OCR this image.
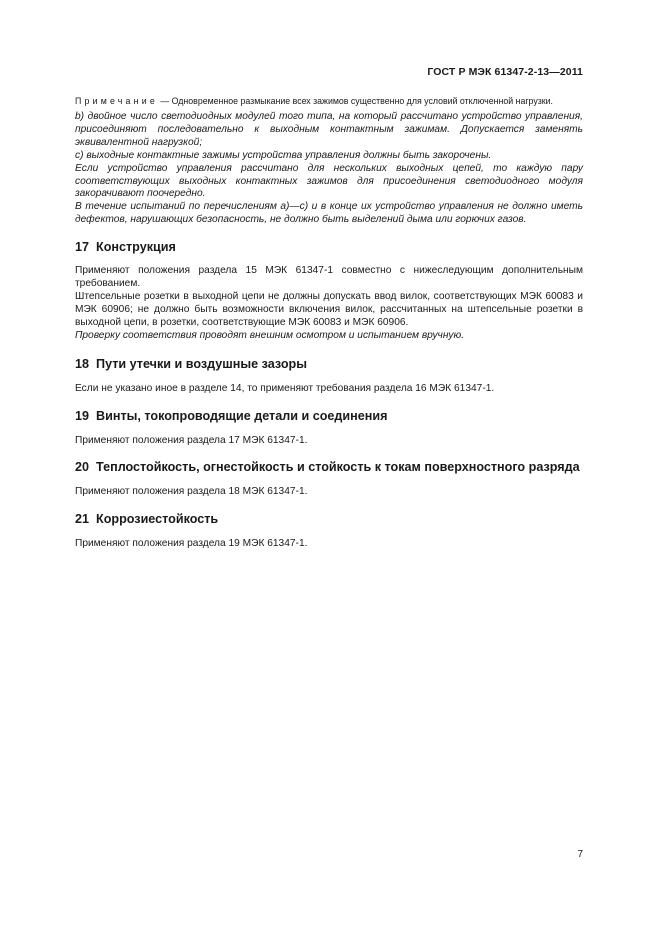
ГОСТ Р МЭК 61347-2-13—2011

Примечание — Одновременное размыкание всех зажимов существенно для условий отключенной нагрузки.

b) двойное число светодиодных модулей того типа, на который рассчитано устройство управления, присоединяют последовательно к выходным контактным зажимам. Допускается заменять эквивалентной нагрузкой;

c) выходные контактные зажимы устройства управления должны быть закорочены.

Если устройство управления рассчитано для нескольких выходных цепей, то каждую пару соответствующих выходных контактных зажимов для присоединения светодиодного модуля закорачивают поочередно.

В течение испытаний по перечислениям a)—c) и в конце их устройство управления не должно иметь дефектов, нарушающих безопасность, не должно быть выделений дыма или горючих газов.

17 Конструкция

Применяют положения раздела 15 МЭК 61347-1 совместно с нижеследующим дополнительным требованием.

Штепсельные розетки в выходной цепи не должны допускать ввод вилок, соответствующих МЭК 60083 и МЭК 60906; не должно быть возможности включения вилок, рассчитанных на штепсельные розетки в выходной цепи, в розетки, соответствующие МЭК 60083 и МЭК 60906.

Проверку соответствия проводят внешним осмотром и испытанием вручную.

18 Пути утечки и воздушные зазоры

Если не указано иное в разделе 14, то применяют требования раздела 16 МЭК 61347-1.

19 Винты, токопроводящие детали и соединения

Применяют положения раздела 17 МЭК 61347-1.

20 Теплостойкость, огнестойкость и стойкость к токам поверхностного разряда

Применяют положения раздела 18 МЭК 61347-1.

21 Коррозиестойкость

Применяют положения раздела 19 МЭК 61347-1.

7
